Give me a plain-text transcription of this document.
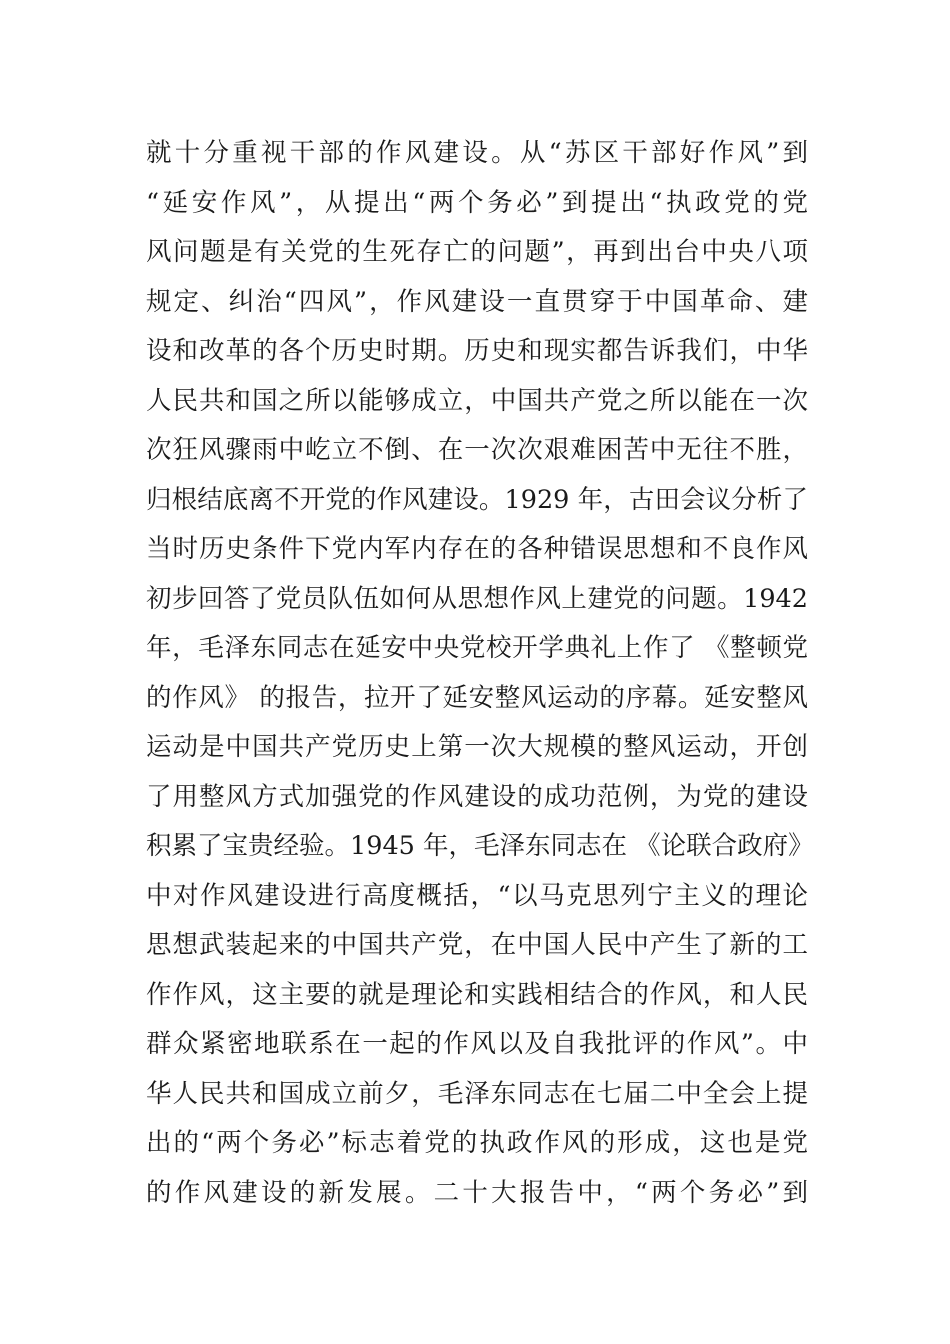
就十分重视干部的作风建设。从“苏区干部好作风”到
“延安作风”，从提出“两个务必”到提出“执政党的党
风问题是有关党的生死存亡的问题”，再到出台中央八项
规定、纠治“四风”，作风建设一直贯穿于中国革命、建
设和改革的各个历史时期。历史和现实都告诉我们，中华
人民共和国之所以能够成立，中国共产党之所以能在一次
次狂风骤雨中屹立不倒、在一次次艰难困苦中无往不胜，
归根结底离不开党的作风建设。1929 年，古田会议分析了
当时历史条件下党内军内存在的各种错误思想和不良作风
初步回答了党员队伍如何从思想作风上建党的问题。1942
年，毛泽东同志在延安中央党校开学典礼上作了 《整顿党
的作风》 的报告，拉开了延安整风运动的序幕。延安整风
运动是中国共产党历史上第一次大规模的整风运动，开创
了用整风方式加强党的作风建设的成功范例，为党的建设
积累了宝贵经验。1945 年，毛泽东同志在 《论联合政府》
中对作风建设进行高度概括，“以马克思列宁主义的理论
思想武装起来的中国共产党，在中国人民中产生了新的工
作作风，这主要的就是理论和实践相结合的作风，和人民
群众紧密地联系在一起的作风以及自我批评的作风”。中
华人民共和国成立前夕，毛泽东同志在七届二中全会上提
出的“两个务必”标志着党的执政作风的形成，这也是党
的作风建设的新发展。二十大报告中，“两个务必”到
